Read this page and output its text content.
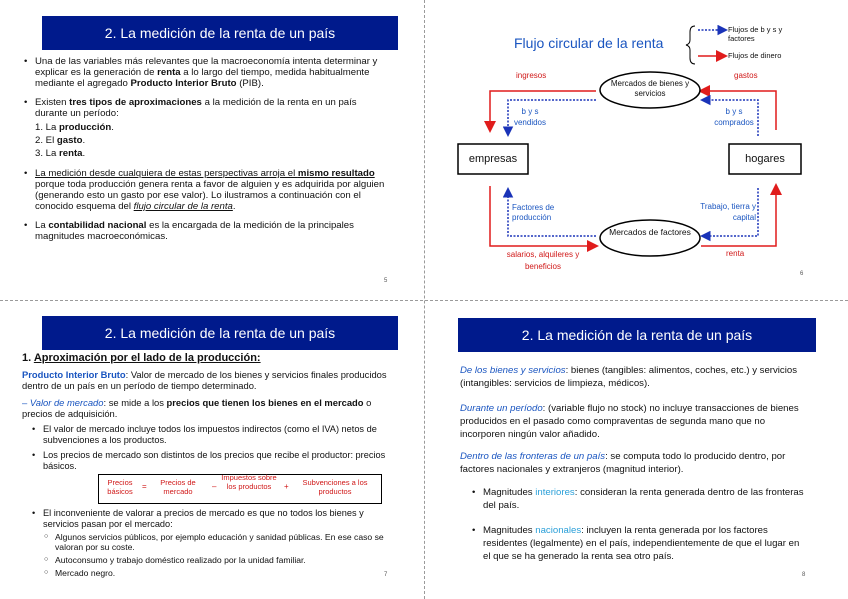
2. La medición de la renta de un país
• Una de las variables más relevantes que la macroeconomía intenta determinar y explicar es la generación de renta a lo largo del tiempo, medida habitualmente mediante el agregado Producto Interior Bruto (PIB).
• Existen tres tipos de aproximaciones a la medición de la renta en un país durante un período:
1. La producción.
2. El gasto.
3. La renta.
• La medición desde cualquiera de estas perspectivas arroja el mismo resultado porque toda producción genera renta a favor de alguien y es adquirida por alguien (generando esto un gasto por ese valor). Lo ilustramos a continuación con el conocido esquema del flujo circular de la renta.
• La contabilidad nacional es la encargada de la medición de la principales magnitudes macroeconómicas.
5
Flujo circular de la renta
Flujos de b y s y factores
Flujos de dinero
Mercados de bienes y servicios
Mercados de factores
empresas	hogares
ingresos	gastos
b y s vendidos
b y s comprados
Factores de producción
Trabajo, tierra y capital
salarios, alquileres y beneficios
renta
6
2. La medición de la renta de un país
1. Aproximación por el lado de la producción:
Producto Interior Bruto: Valor de mercado de los bienes y servicios finales producidos dentro de un país en un período de tiempo determinado.
– Valor de mercado: se mide a los precios que tienen los bienes en el mercado o precios de adquisición.
• El valor de mercado incluye todos los impuestos indirectos (como el IVA) netos de subvenciones a los productos.
• Los precios de mercado son distintos de los precios que recibe el productor: precios básicos.
Precios básicos
=	Precios de mercado
–
Impuestos sobre los productos	+	Subvenciones a los productos
• El inconveniente de valorar a precios de mercado es que no todos los bienes y servicios pasan por el mercado:
○ Algunos servicios públicos, por ejemplo educación y sanidad públicas. En ese caso se valoran por su coste.
○ Autoconsumo y trabajo doméstico realizado por la unidad familiar.
○ Mercado negro.	7
2. La medición de la renta de un país
De los bienes y servicios: bienes (tangibles: alimentos, coches, etc.) y servicios (intangibles: servicios de limpieza, médicos).
Durante un período: (variable flujo no stock) no incluye transacciones de bienes producidos en el pasado como compraventas de segunda mano que no incorporen ningún valor añadido.
Dentro de las fronteras de un país: se computa todo lo producido dentro, por factores nacionales y extranjeros (magnitud interior).
• Magnitudes interiores: consideran la renta generada dentro de las fronteras del país.
• Magnitudes nacionales: incluyen la renta generada por los factores residentes (legalmente) en el país, independientemente de que el lugar en el que se ha generado la renta sea otro país.
8
